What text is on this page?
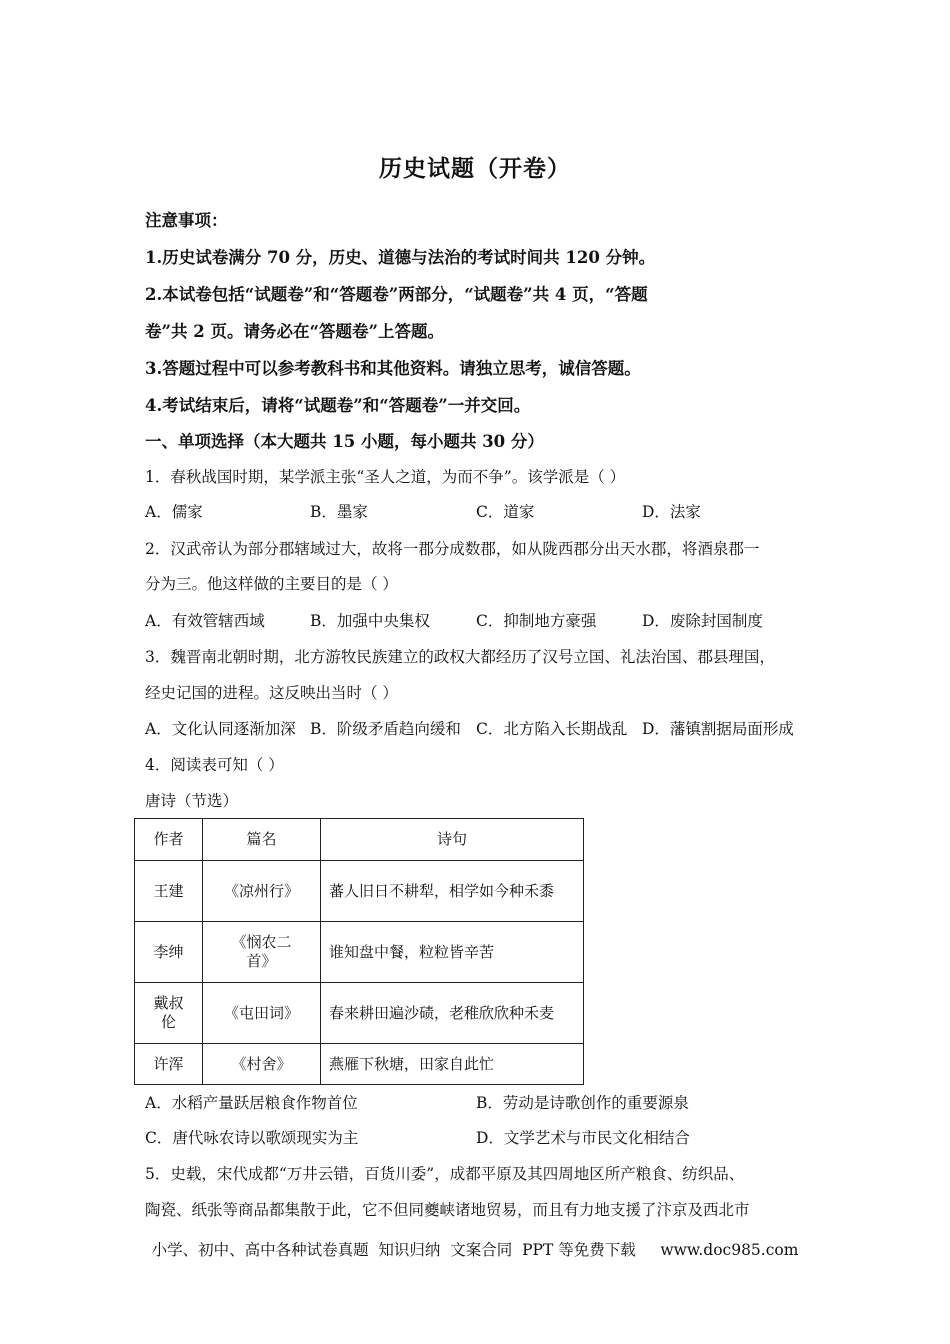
历史试题（开卷）
注意事项：
1.历史试卷满分 70 分，历史、道德与法治的考试时间共 120 分钟。
2.本试卷包括“试题卷”和“答题卷”两部分，“试题卷”共 4 页，“答题
卷”共 2 页。请务必在“答题卷”上答题。
3.答题过程中可以参考教科书和其他资料。请独立思考，诚信答题。
4.考试结束后，请将“试题卷”和“答题卷”一并交回。
一、单项选择（本大题共 15 小题，每小题共 30 分）
1．春秋战国时期，某学派主张“圣人之道，为而不争”。该学派是（ ）
A．儒家	B．墨家	C．道家	D．法家
2．汉武帝认为部分郡辖域过大，故将一郡分成数郡，如从陇西郡分出天水郡，将酒泉郡一
分为三。他这样做的主要目的是（ ）
A．有效管辖西域	B．加强中央集权	C．抑制地方豪强	D．废除封国制度
3．魏晋南北朝时期，北方游牧民族建立的政权大都经历了汉号立国、礼法治国、郡县理国，
经史记国的进程。这反映出当时（ ）
A．文化认同逐渐加深 B．阶级矛盾趋向缓和 C．北方陷入长期战乱 D．藩镇割据局面形成
4．阅读表可知（ ）
唐诗（节选）
作者	篇名	诗句
王建	《凉州行》	蕃人旧日不耕犁，相学如今种禾黍
李绅	《悯农二首》	谁知盘中餐，粒粒皆辛苦
戴叔伦	《屯田词》	春来耕田遍沙碛，老稚欣欣种禾麦
许浑	《村舍》	燕雁下秋塘，田家自此忙
A．水稻产量跃居粮食作物首位	B．劳动是诗歌创作的重要源泉
C．唐代咏农诗以歌颂现实为主	D．文学艺术与市民文化相结合
5．史载，宋代成都“万井云错，百货川委”，成都平原及其四周地区所产粮食、纺织品、
陶瓷、纸张等商品都集散于此，它不但同夔峡诸地贸易，而且有力地支援了汴京及西北市
小学、初中、高中各种试卷真题  知识归纳  文案合同  PPT 等免费下载     www.doc985.com
